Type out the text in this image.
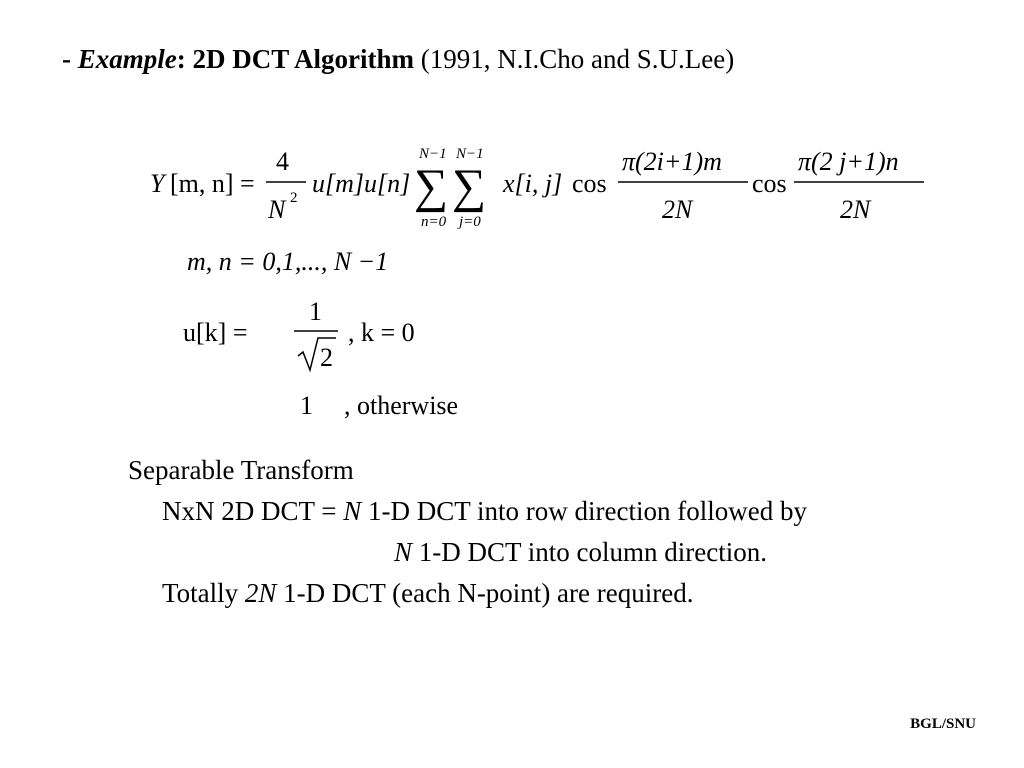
- Example: 2D DCT Algorithm (1991, N.I.Cho and S.U.Lee)
Y [m, n] =
4
N 2 u[m]u[n]
N−1
∑
n=0
N−1
∑
j=0
x[i, j] cos
π(2i+1)m
2N
cos
π(2 j+1)n
2N
m, n = 0,1,..., N −1
u[k] =
1
2
, k = 0
1 , otherwise
Separable Transform
NxN 2D DCT = N 1-D DCT into row direction followed by
N 1-D DCT into column direction.
Totally 2N 1-D DCT (each N-point) are required.
BGL/SNU
